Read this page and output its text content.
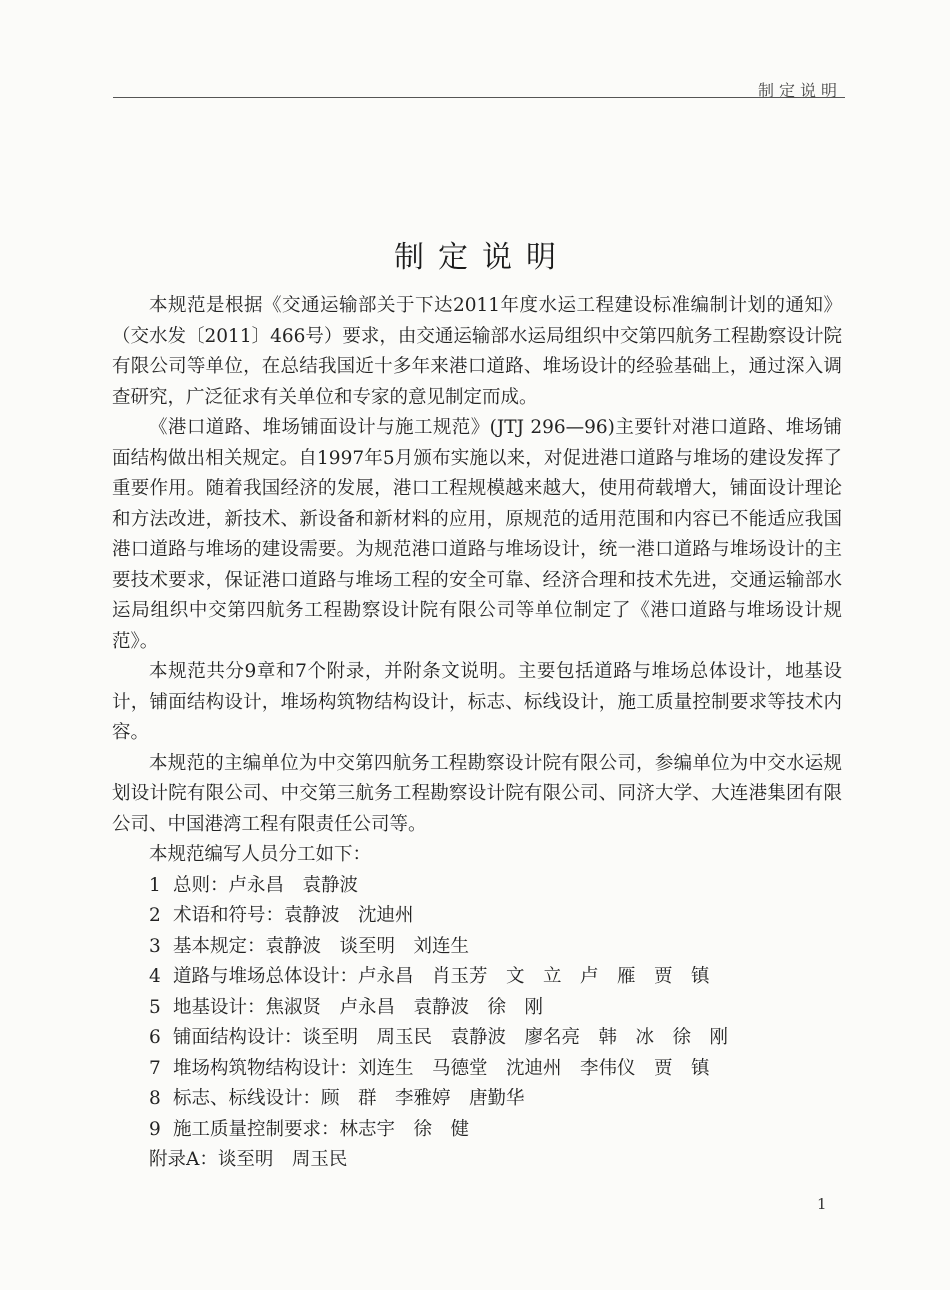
制定说明
制定说明

本规范是根据《交通运输部关于下达2011年度水运工程建设标准编制计划的通知》（交水发〔2011〕466号）要求，由交通运输部水运局组织中交第四航务工程勘察设计院有限公司等单位，在总结我国近十多年来港口道路、堆场设计的经验基础上，通过深入调查研究，广泛征求有关单位和专家的意见制定而成。

《港口道路、堆场铺面设计与施工规范》(JTJ 296—96)主要针对港口道路、堆场铺面结构做出相关规定。自1997年5月颁布实施以来，对促进港口道路与堆场的建设发挥了重要作用。随着我国经济的发展，港口工程规模越来越大，使用荷载增大，铺面设计理论和方法改进，新技术、新设备和新材料的应用，原规范的适用范围和内容已不能适应我国港口道路与堆场的建设需要。为规范港口道路与堆场设计，统一港口道路与堆场设计的主要技术要求，保证港口道路与堆场工程的安全可靠、经济合理和技术先进，交通运输部水运局组织中交第四航务工程勘察设计院有限公司等单位制定了《港口道路与堆场设计规范》。

本规范共分9章和7个附录，并附条文说明。主要包括道路与堆场总体设计，地基设计，铺面结构设计，堆场构筑物结构设计，标志、标线设计，施工质量控制要求等技术内容。

本规范的主编单位为中交第四航务工程勘察设计院有限公司，参编单位为中交水运规划设计院有限公司、中交第三航务工程勘察设计院有限公司、同济大学、大连港集团有限公司、中国港湾工程有限责任公司等。

本规范编写人员分工如下：

1 总则：卢永昌　袁静波
2 术语和符号：袁静波　沈迪州
3 基本规定：袁静波　谈至明　刘连生
4 道路与堆场总体设计：卢永昌　肖玉芳　文　立　卢　雁　贾　镇
5 地基设计：焦淑贤　卢永昌　袁静波　徐　刚
6 铺面结构设计：谈至明　周玉民　袁静波　廖名亮　韩　冰　徐　刚
7 堆场构筑物结构设计：刘连生　马德堂　沈迪州　李伟仪　贾　镇
8 标志、标线设计：顾　群　李雅婷　唐勤华
9 施工质量控制要求：林志宇　徐　健
附录A：谈至明　周玉民
1
